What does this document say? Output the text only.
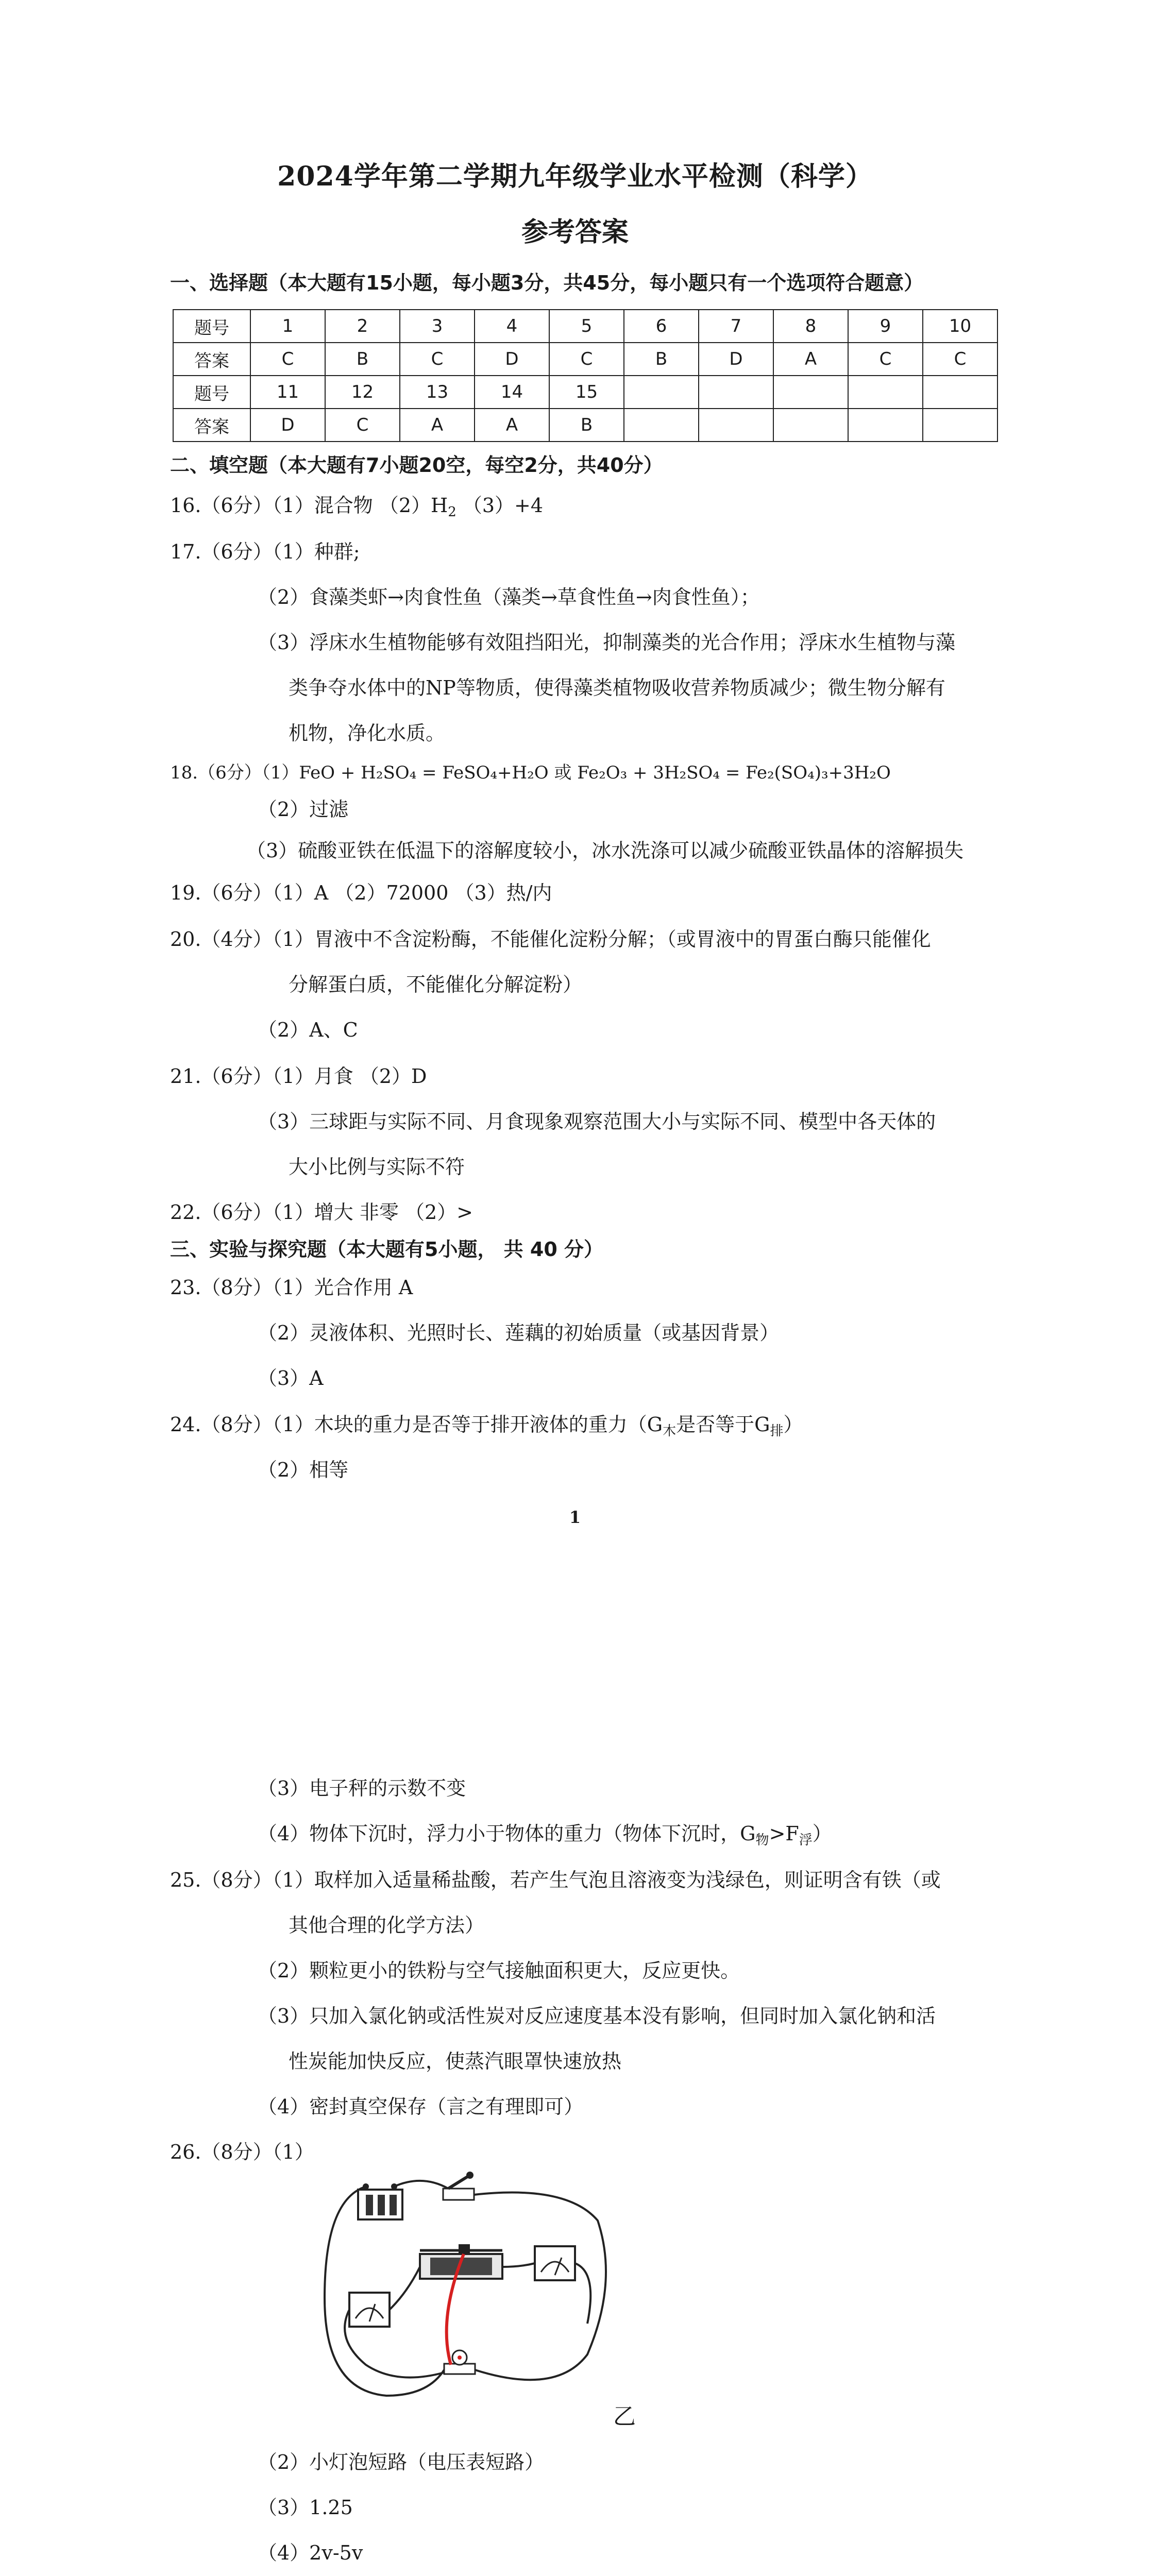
2024学年第二学期九年级学业水平检测（科学）
参考答案
一、选择题（本大题有15小题，每小题3分，共45分，每小题只有一个选项符合题意）
题号	1	2	3	4	5	6	7	8	9	10
答案	C	B	C	D	C	B	D	A	C	C
题号	11	12	13	14	15					
答案	D	C	A	A	B					
二、填空题（本大题有7小题20空，每空2分，共40分）
16.（6分）（1）混合物 $(2)H_2$ （3）+4
17.（6分）（1）种群;
（2）食藻类虾→肉食性鱼（藻类→草食性鱼→肉食性鱼）；
（3）浮床水生植物能够有效阻挡阳光，抑制藻类的光合作用；浮床水生植物与藻
类争夺水体中的NP等物质，使得藻类植物吸收营养物质减少；微生物分解有
机物，净化水质。
18.（6分）（1）FeO + H₂SO₄ = FeSO₄+H₂O 或 Fe₂O₃ + 3H₂SO₄ = Fe₂(SO₄)₃+3H₂O
（2）过滤
（3）硫酸亚铁在低温下的溶解度较小，冰水洗涤可以减少硫酸亚铁晶体的溶解损失
19.（6分）（1）A （2）72000 （3）热/内
20.（4分）（1）胃液中不含淀粉酶，不能催化淀粉分解；（或胃液中的胃蛋白酶只能催化
分解蛋白质，不能催化分解淀粉）
（2）A、C
21.（6分）（1）月食 （2）D
（3）三球距与实际不同、月食现象观察范围大小与实际不同、模型中各天体的
大小比例与实际不符
22.（6分）（1）增大 非零 （2）>
三、实验与探究题（本大题有5小题， 共 40 分）
23.（8分）（1）光合作用 A
（2）灵液体积、光照时长、莲藕的初始质量（或基因背景）
（3）A
24.（8分）（1）木块的重力是否等于排开液体的重力（$G_木$是否等于$G_排$）
（2）相等
1
（3）电子秤的示数不变
（4）物体下沉时，浮力小于物体的重力（物体下沉时，$G_物>F_浮$）
25.（8分）（1）取样加入适量稀盐酸，若产生气泡且溶液变为浅绿色，则证明含有铁（或
其他合理的化学方法）
（2）颗粒更小的铁粉与空气接触面积更大，反应更快。
（3）只加入氯化钠或活性炭对反应速度基本没有影响，但同时加入氯化钠和活
性炭能加快反应，使蒸汽眼罩快速放热
（4）密封真空保存（言之有理即可）
26.（8分）（1）
乙
（2）小灯泡短路（电压表短路）
（3）1.25
（4）2v-5v
